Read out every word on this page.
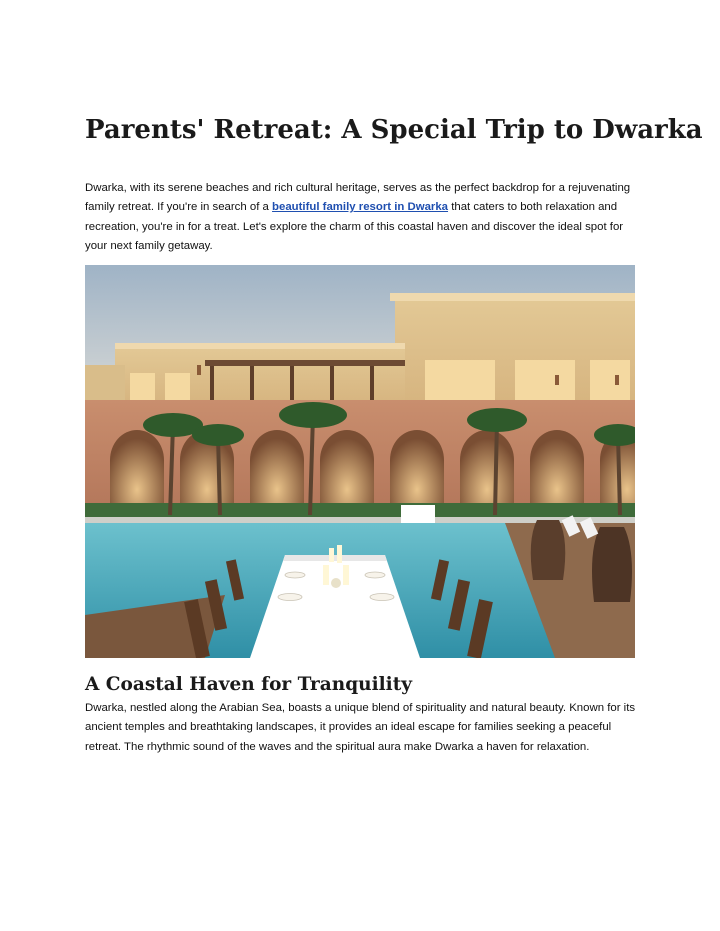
Parents' Retreat: A Special Trip to Dwarka

Dwarka, with its serene beaches and rich cultural heritage, serves as the perfect backdrop for a rejuvenating family retreat. If you're in search of a beautiful family resort in Dwarka that caters to both relaxation and recreation, you're in for a treat. Let's explore the charm of this coastal haven and discover the ideal spot for your next family getaway.

A Coastal Haven for Tranquility

Dwarka, nestled along the Arabian Sea, boasts a unique blend of spirituality and natural beauty. Known for its ancient temples and breathtaking landscapes, it provides an ideal escape for families seeking a peaceful retreat. The rhythmic sound of the waves and the spiritual aura make Dwarka a haven for relaxation.
